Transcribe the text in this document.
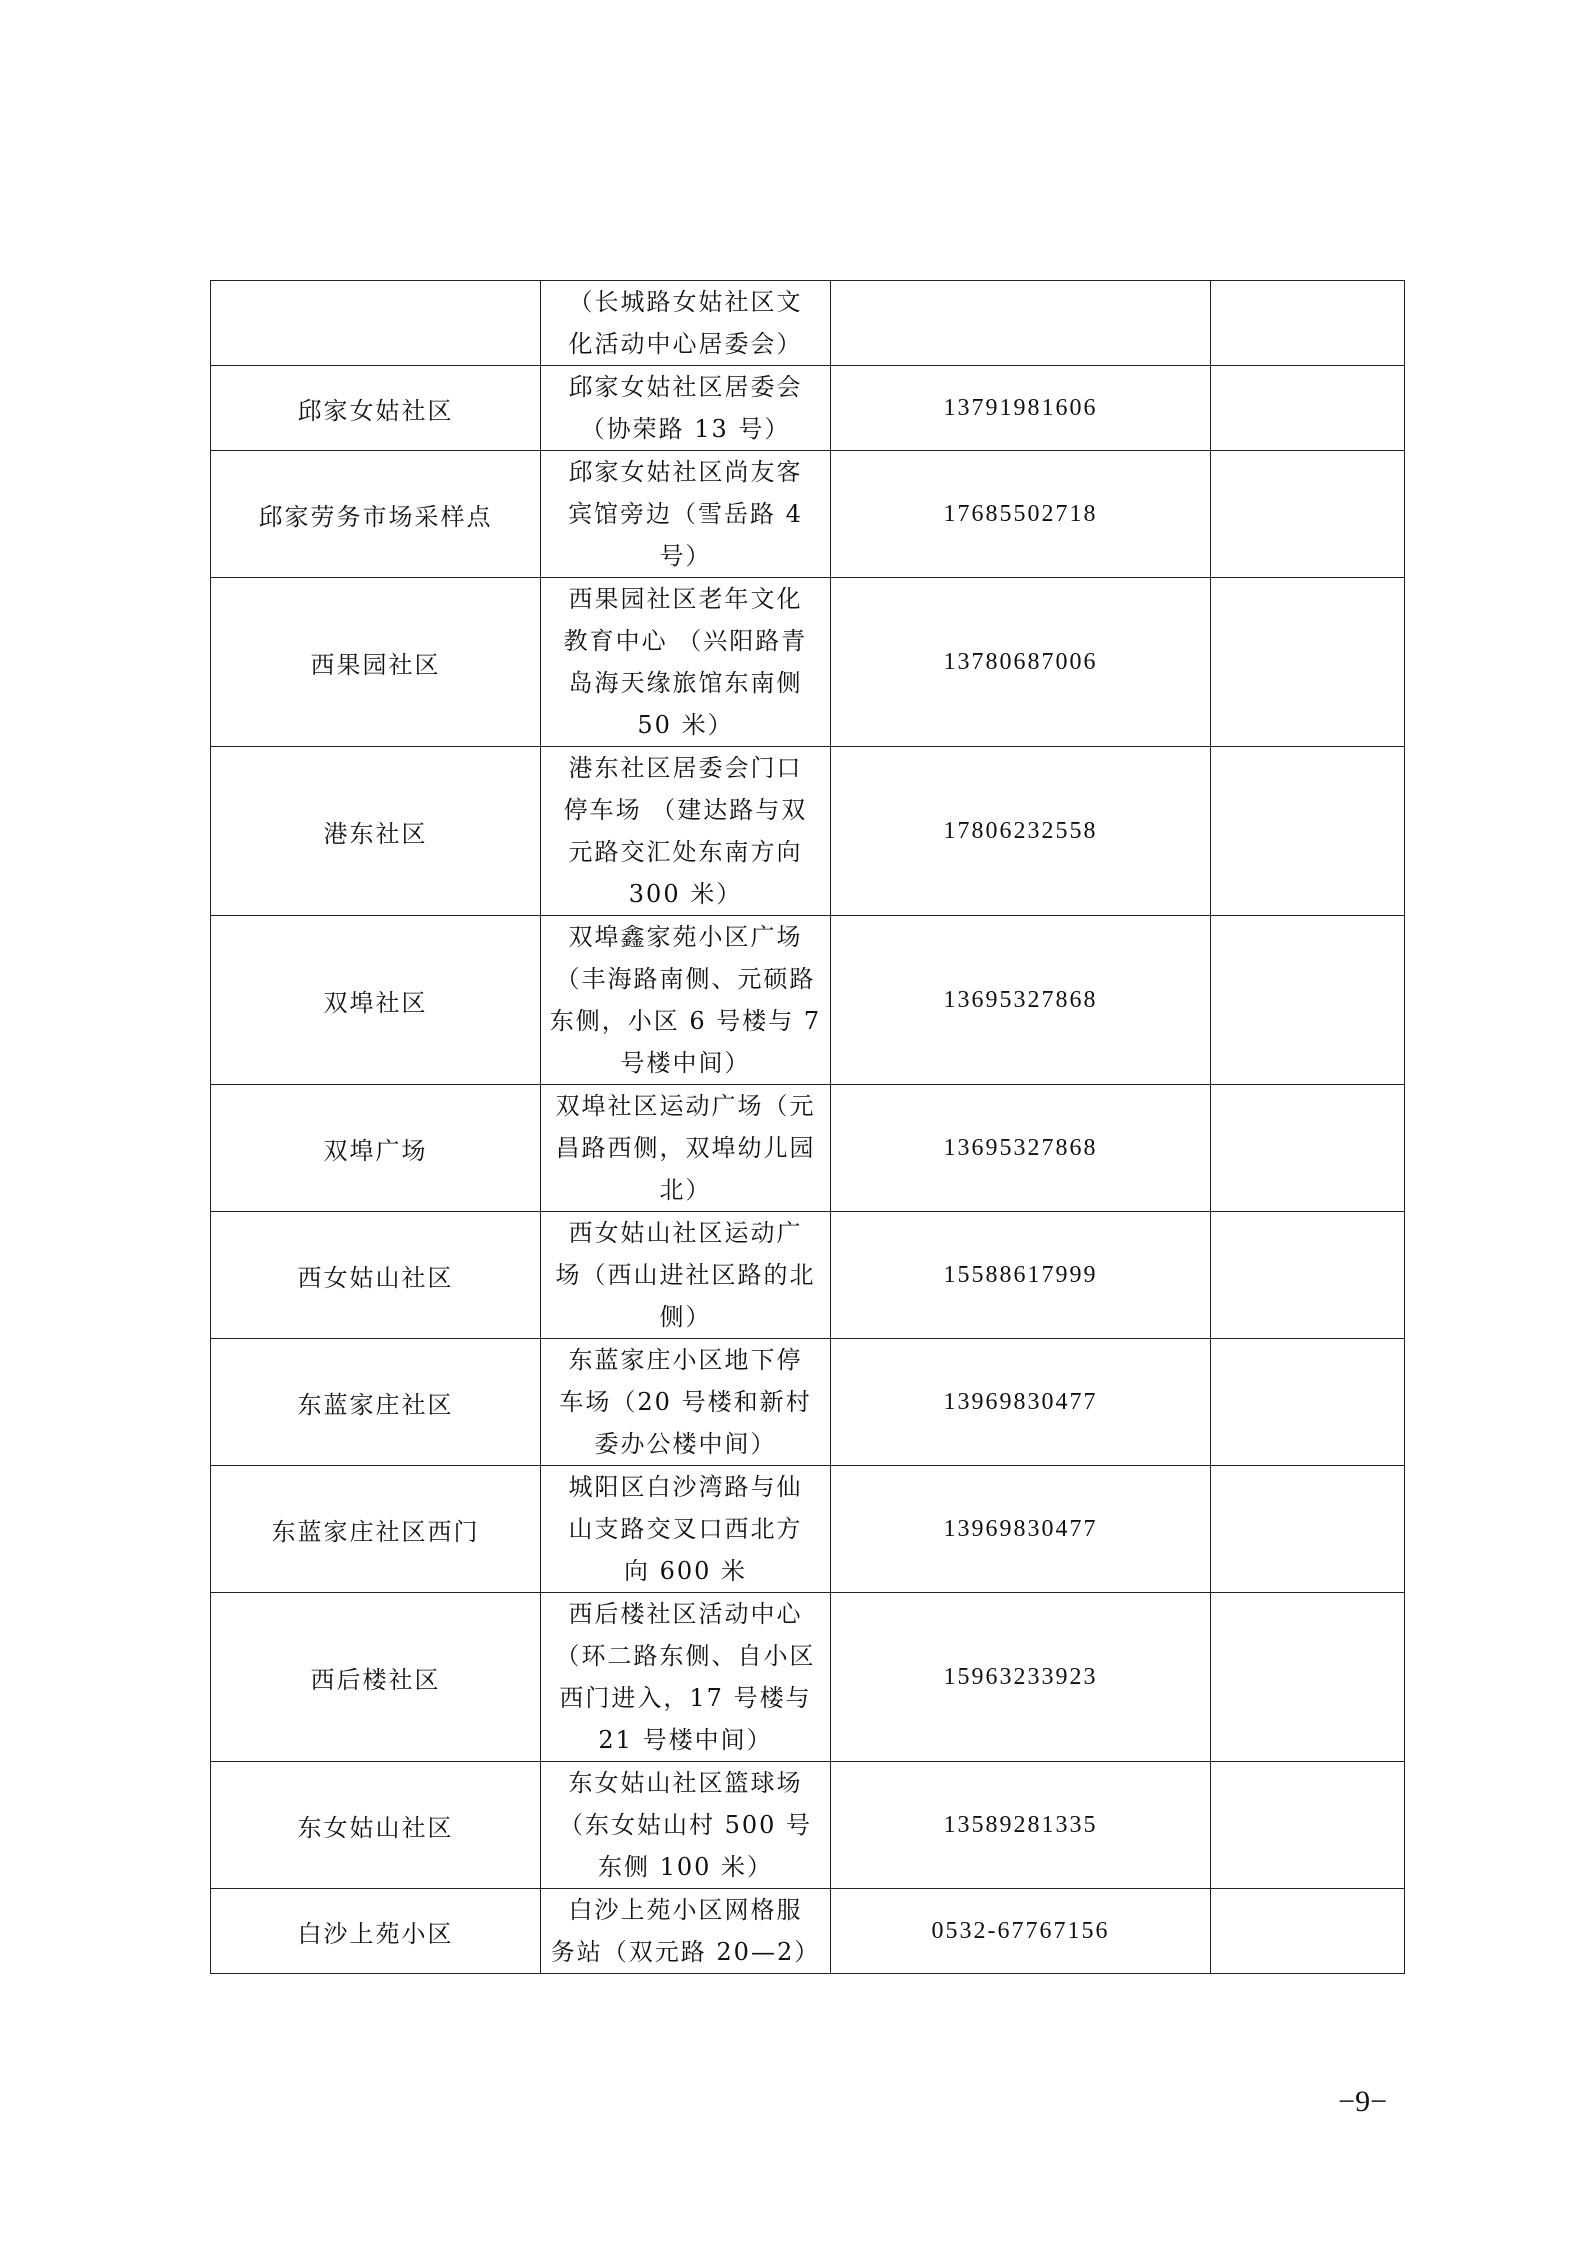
	（长城路女姑社区文
化活动中心居委会）		

邱家女姑社区	邱家女姑社区居委会
（协荣路 13 号）	13791981606	
邱家劳务市场采样点	邱家女姑社区尚友客
宾馆旁边（雪岳路 4
号）	17685502718	
西果园社区	西果园社区老年文化
教育中心 （兴阳路青
岛海天缘旅馆东南侧
50 米）	13780687006	
港东社区	港东社区居委会门口
停车场 （建达路与双
元路交汇处东南方向
300 米）	17806232558	
双埠社区	双埠鑫家苑小区广场
（丰海路南侧、元硕路
东侧，小区 6 号楼与 7
号楼中间）	13695327868	
双埠广场	双埠社区运动广场（元
昌路西侧，双埠幼儿园
北）	13695327868	
西女姑山社区	西女姑山社区运动广
场（西山进社区路的北
侧）	15588617999	
东蓝家庄社区	东蓝家庄小区地下停
车场（20 号楼和新村
委办公楼中间）	13969830477	
东蓝家庄社区西门	城阳区白沙湾路与仙
山支路交叉口西北方
向 600 米	13969830477	
西后楼社区	西后楼社区活动中心
（环二路东侧、自小区
西门进入，17 号楼与
21 号楼中间）	15963233923	
东女姑山社区	东女姑山社区篮球场
（东女姑山村 500 号
东侧 100 米）	13589281335	
白沙上苑小区	白沙上苑小区网格服
务站（双元路 20—2）	0532-67767156	
−9−
